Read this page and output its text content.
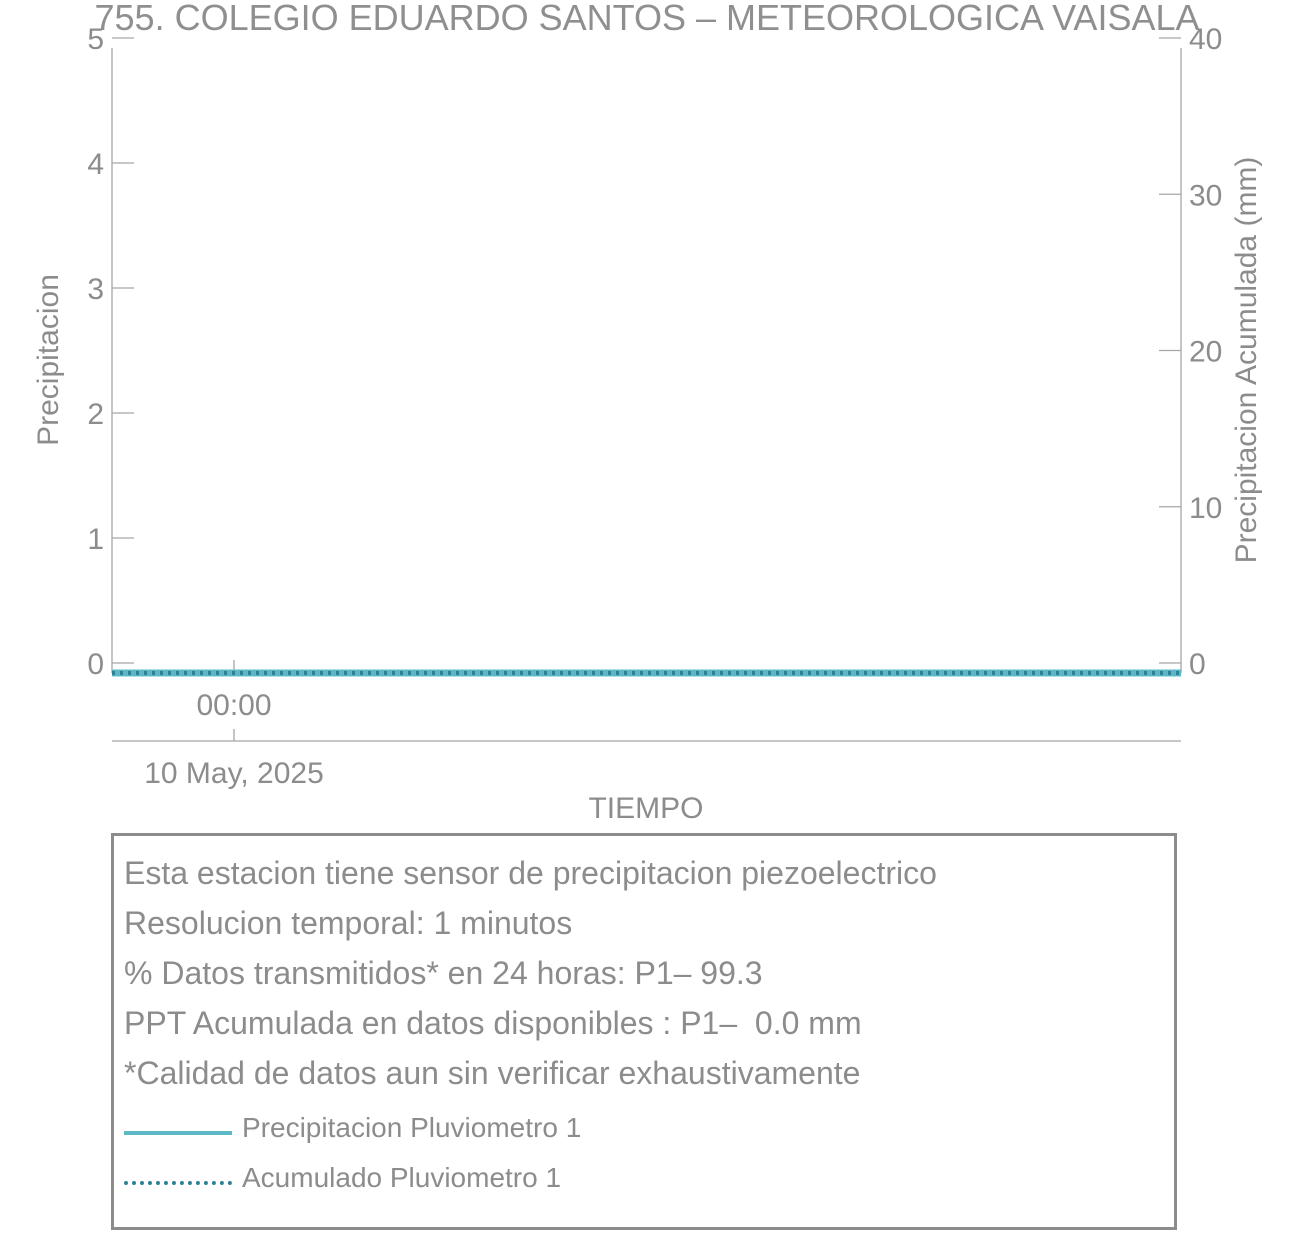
755. COLEGIO EDUARDO SANTOS – METEOROLOGICA VAISALA
0
1
2
3
4
5
0
10
20
30
40
00:00
10 May, 2025
Precipitacion	Precipitacion Acumulada (mm)
TIEMPO
Esta estacion tiene sensor de precipitacion piezoelectrico
Resolucion temporal: 1 minutos
% Datos transmitidos* en 24 horas: P1– 99.3
PPT Acumulada en datos disponibles : P1–  0.0 mm
*Calidad de datos aun sin verificar exhaustivamente
Precipitacion Pluviometro 1
Acumulado Pluviometro 1
